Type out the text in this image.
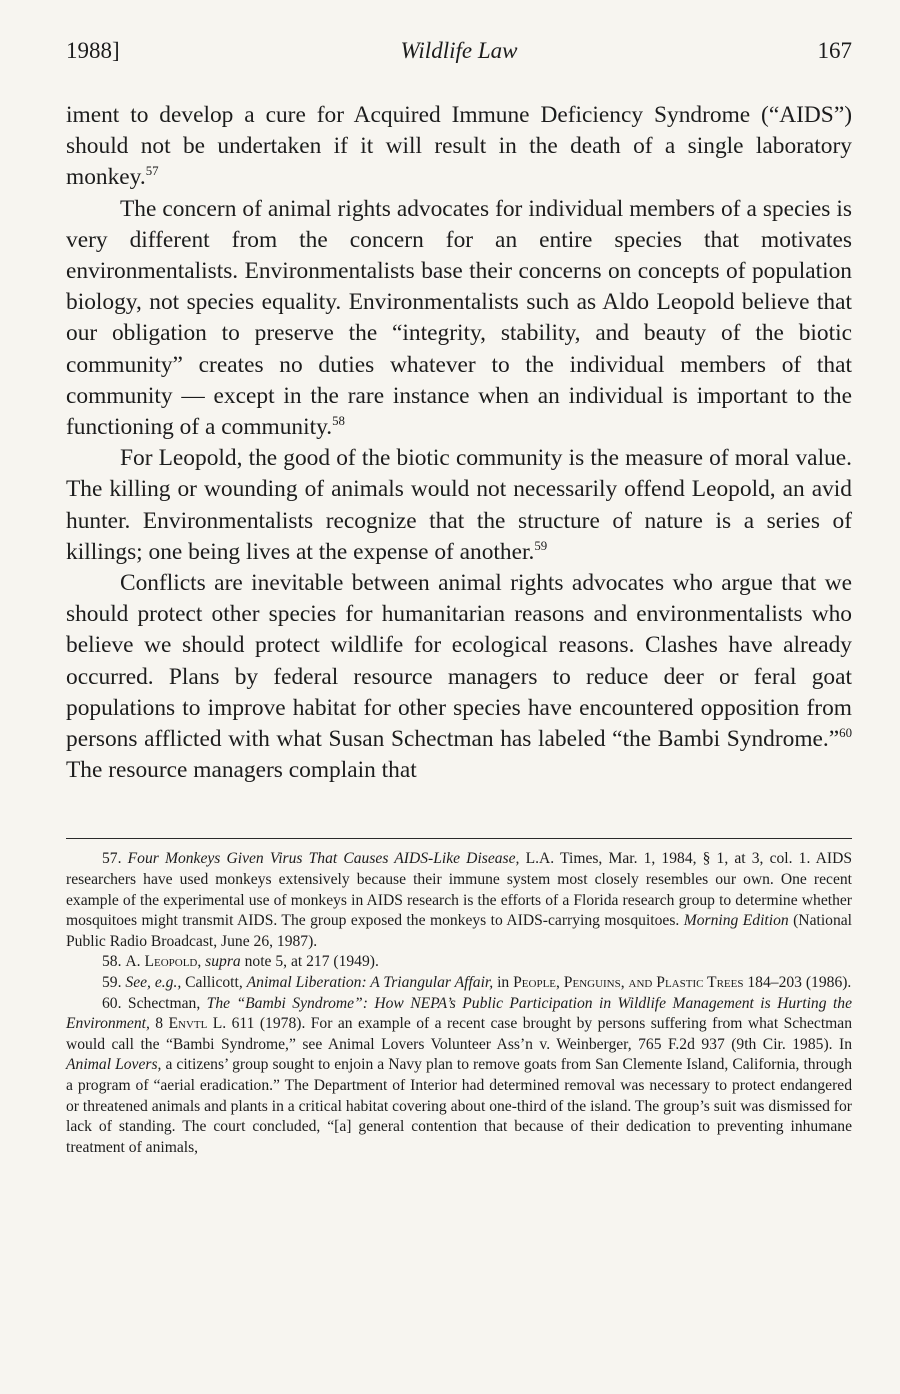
1988]	Wildlife Law	167

iment to develop a cure for Acquired Immune Deficiency Syndrome (“AIDS”) should not be undertaken if it will result in the death of a single laboratory monkey.$^{57}$

The concern of animal rights advocates for individual members of a species is very different from the concern for an entire species that motivates environmentalists. Environmentalists base their concerns on concepts of population biology, not species equality. Environmentalists such as Aldo Leopold believe that our obligation to preserve the “integrity, stability, and beauty of the biotic community” creates no duties whatever to the individual members of that community — except in the rare instance when an individual is important to the functioning of a community.$^{58}$

For Leopold, the good of the biotic community is the measure of moral value. The killing or wounding of animals would not necessarily offend Leopold, an avid hunter. Environmentalists recognize that the structure of nature is a series of killings; one being lives at the expense of another.$^{59}$

Conflicts are inevitable between animal rights advocates who argue that we should protect other species for humanitarian reasons and environmentalists who believe we should protect wildlife for ecological reasons. Clashes have already occurred. Plans by federal resource managers to reduce deer or feral goat populations to improve habitat for other species have encountered opposition from persons afflicted with what Susan Schectman has labeled “the Bambi Syndrome.”$^{60}$ The resource managers complain that

57. Four Monkeys Given Virus That Causes AIDS-Like Disease, L.A. Times, Mar. 1, 1984, § 1, at 3, col. 1. AIDS researchers have used monkeys extensively because their immune system most closely resembles our own. One recent example of the experimental use of monkeys in AIDS research is the efforts of a Florida research group to determine whether mosquitoes might transmit AIDS. The group exposed the monkeys to AIDS-carrying mosquitoes. Morning Edition (National Public Radio Broadcast, June 26, 1987).

58. A. Leopold, supra note 5, at 217 (1949).

59. See, e.g., Callicott, Animal Liberation: A Triangular Affair, in People, Penguins, and Plastic Trees 184–203 (1986).

60. Schectman, The “Bambi Syndrome”: How NEPA’s Public Participation in Wildlife Management is Hurting the Environment, 8 Envtl L. 611 (1978). For an example of a recent case brought by persons suffering from what Schectman would call the “Bambi Syndrome,” see Animal Lovers Volunteer Ass’n v. Weinberger, 765 F.2d 937 (9th Cir. 1985). In Animal Lovers, a citizens’ group sought to enjoin a Navy plan to remove goats from San Clemente Island, California, through a program of “aerial eradication.” The Department of Interior had determined removal was necessary to protect endangered or threatened animals and plants in a critical habitat covering about one-third of the island. The group’s suit was dismissed for lack of standing. The court concluded, “[a] general contention that because of their dedication to preventing inhumane treatment of animals,
